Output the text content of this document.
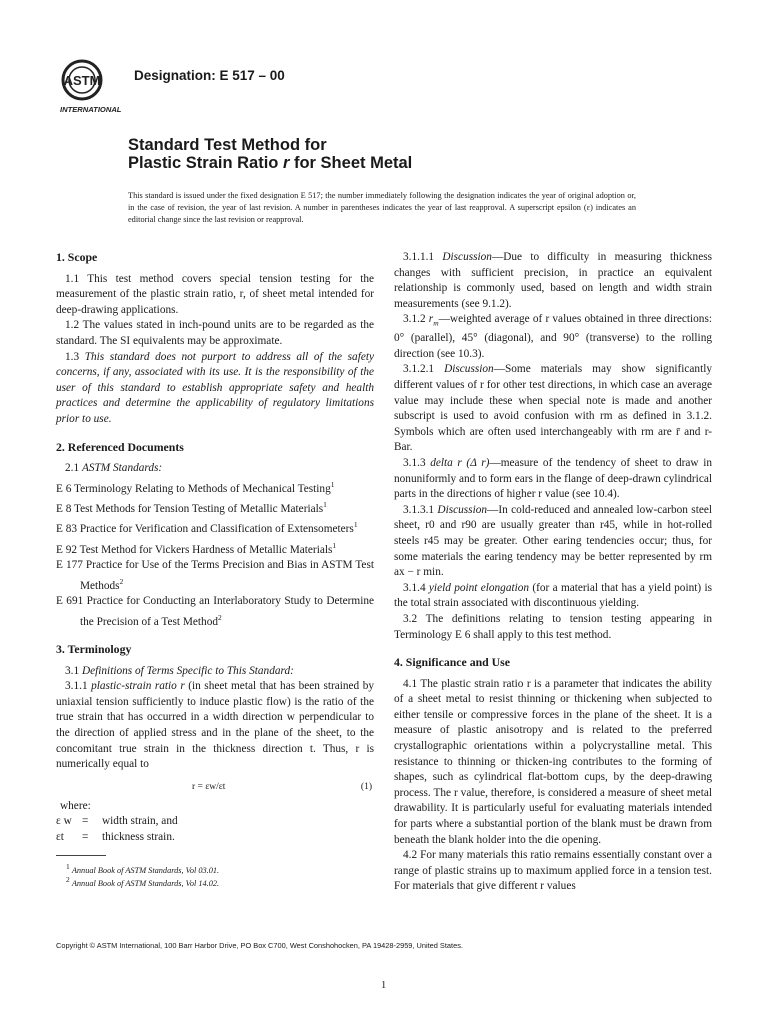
ASTM
INTERNATIONAL
Designation: E 517 – 00
Standard Test Method for
Plastic Strain Ratio r for Sheet Metal
This standard is issued under the fixed designation E 517; the number immediately following the designation indicates the year of original adoption or, in the case of revision, the year of last revision. A number in parentheses indicates the year of last reapproval. A superscript epsilon (ε) indicates an editorial change since the last revision or reapproval.

1. Scope

1.1 This test method covers special tension testing for the measurement of the plastic strain ratio, r, of sheet metal intended for deep-drawing applications.

1.2 The values stated in inch-pound units are to be regarded as the standard. The SI equivalents may be approximate.

1.3 This standard does not purport to address all of the safety concerns, if any, associated with its use. It is the responsibility of the user of this standard to establish appropriate safety and health practices and determine the applicability of regulatory limitations prior to use.

2. Referenced Documents

2.1 ASTM Standards:

E 6 Terminology Relating to Methods of Mechanical Testing$^1$

E 8 Test Methods for Tension Testing of Metallic Materials$^1$

E 83 Practice for Verification and Classification of Extensometers$^1$

E 92 Test Method for Vickers Hardness of Metallic Materials$^1$

E 177 Practice for Use of the Terms Precision and Bias in ASTM Test Methods$^2$

E 691 Practice for Conducting an Interlaboratory Study to Determine the Precision of a Test Method$^2$

3. Terminology

3.1 Definitions of Terms Specific to This Standard:

3.1.1 plastic-strain ratio r (in sheet metal that has been strained by uniaxial tension sufficiently to induce plastic flow) is the ratio of the true strain that has occurred in a width direction w perpendicular to the direction of applied stress and in the plane of the sheet, to the concomitant true strain in the thickness direction t. Thus, r is numerically equal to

r = εw/εt	(1)

where:

ε w =	width strain, and

εt	=	thickness strain.

3.1.1.1 Discussion—Due to difficulty in measuring thickness changes with sufficient precision, in practice an equivalent relationship is commonly used, based on length and width strain measurements (see 9.1.2).

3.1.2 $r_m—weighted$ average of r values obtained in three directions: 0° (parallel), 45° (diagonal), and 90° (transverse) to the rolling direction (see 10.3).

3.1.2.1 Discussion—Some materials may show significantly different values of r for other test directions, in which case an average value may include these when special note is made and another subscript is used to avoid confusion with rm as defined in 3.1.2. Symbols which are often used interchangeably with rm are r̄ and r-Bar.

3.1.3 delta r (Δ r)—measure of the tendency of sheet to draw in nonuniformly and to form ears in the flange of deep-drawn cylindrical parts in the directions of higher r value (see 10.4).

3.1.3.1 Discussion—In cold-reduced and annealed low-carbon steel sheet, r0 and r90 are usually greater than r45, while in hot-rolled steels r45 may be greater. Other earing tendencies occur; thus, for some materials the earing tendency may be better represented by rm ax − r min.

3.1.4 yield point elongation (for a material that has a yield point) is the total strain associated with discontinuous yielding.

3.2 The definitions relating to tension testing appearing in Terminology E 6 shall apply to this test method.

4. Significance and Use

4.1 The plastic strain ratio r is a parameter that indicates the ability of a sheet metal to resist thinning or thickening when subjected to either tensile or compressive forces in the plane of the sheet. It is a measure of plastic anisotropy and is related to the preferred crystallographic orientations within a polycrystalline metal. This resistance to thinning or thicken-ing contributes to the forming of shapes, such as cylindrical flat-bottom cups, by the deep-drawing process. The r value, therefore, is considered a measure of sheet metal drawability. It is particularly useful for evaluating materials intended for parts where a substantial portion of the blank must be drawn from beneath the blank holder into the die opening.

4.2 For many materials this ratio remains essentially constant over a range of plastic strains up to maximum applied force in a tension test. For materials that give different r values

$^1$ Annual Book of ASTM Standards, Vol 03.01.
$^2$ Annual Book of ASTM Standards, Vol 14.02.
Copyright © ASTM International, 100 Barr Harbor Drive, PO Box C700, West Conshohocken, PA 19428-2959, United States.
1
